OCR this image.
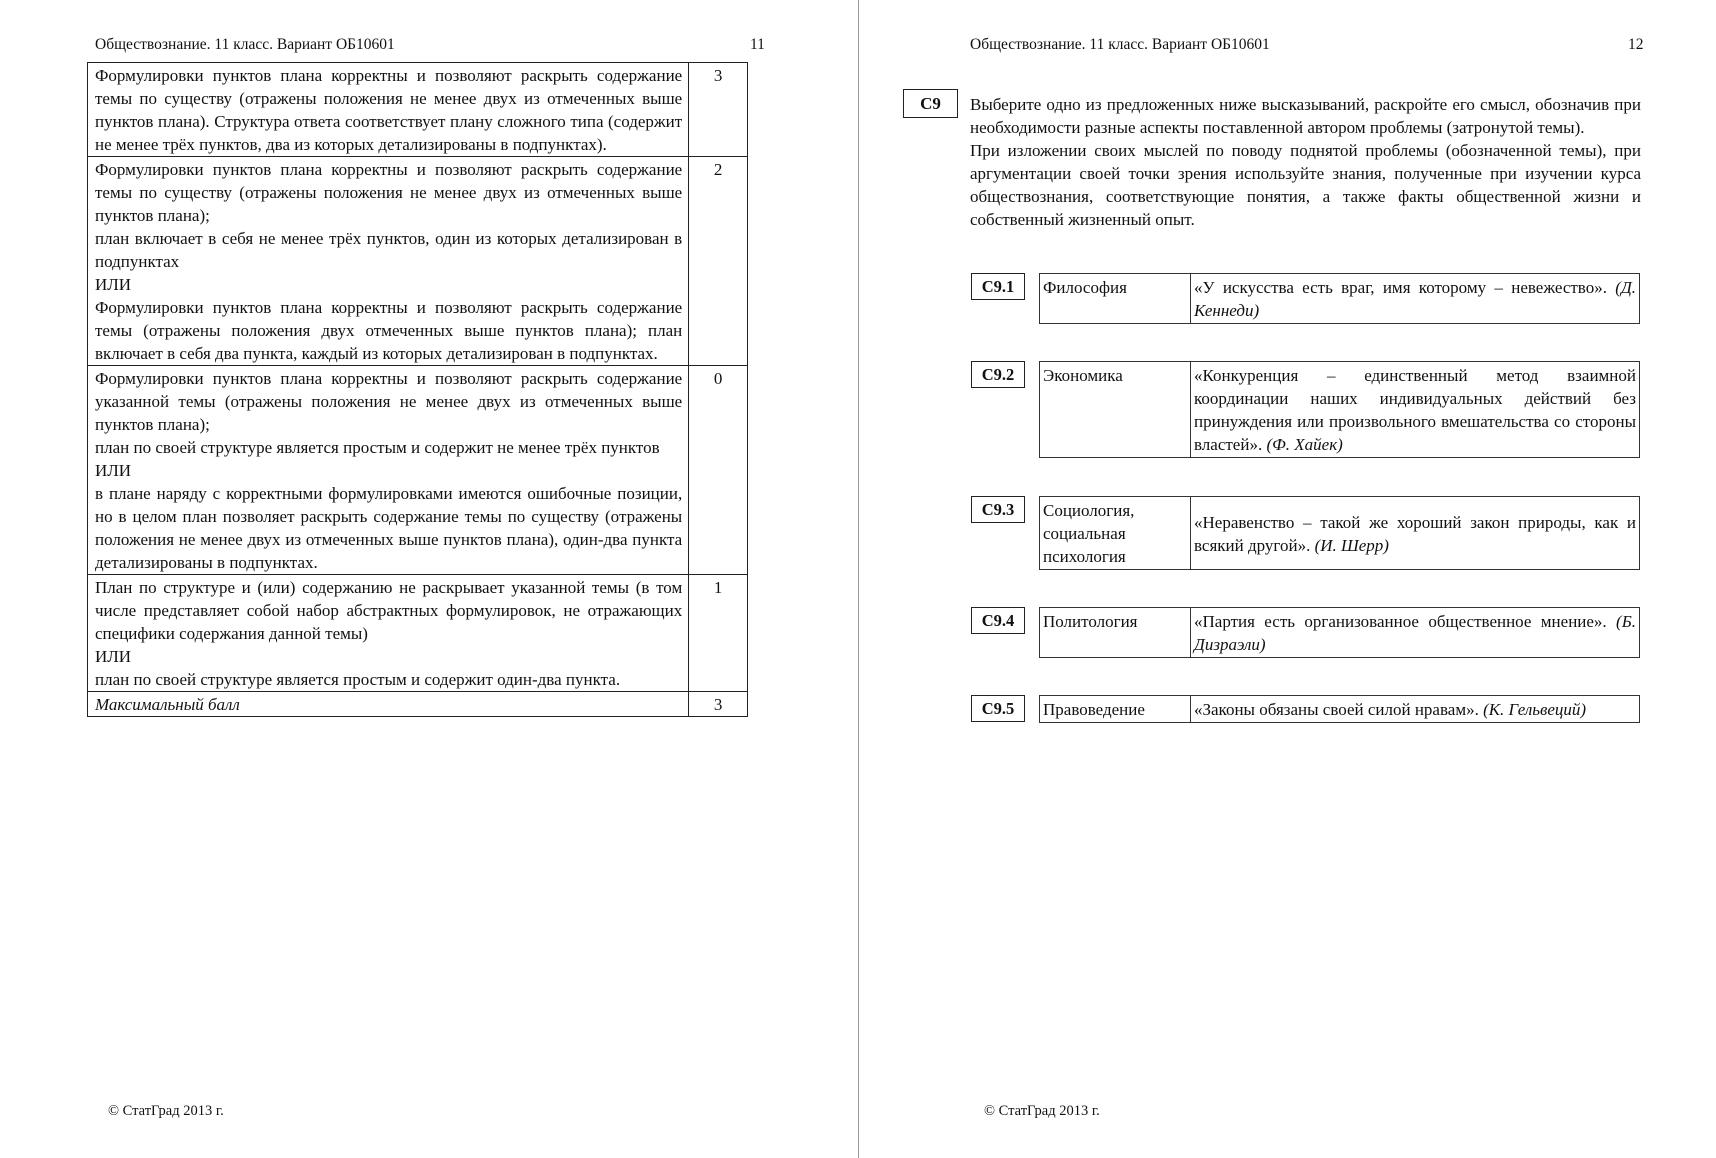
Обществознание. 11 класс. Вариант ОБ10601	11
Формулировки пунктов плана корректны и позволяют раскрыть содержание темы по существу (отражены положения не менее двух из отмеченных выше пунктов плана). Структура ответа соответствует плану сложного типа (содержит не менее трёх пунктов, два из которых детализированы в подпунктах).	3

Формулировки пунктов плана корректны и позволяют раскрыть содержание темы по существу (отражены положения не менее двух из отмеченных выше пунктов плана);
план включает в себя не менее трёх пунктов, один из которых детализирован в подпунктах
ИЛИ
Формулировки пунктов плана корректны и позволяют раскрыть содержание темы (отражены положения двух отмеченных выше пунктов плана); план включает в себя два пункта, каждый из которых детализирован в подпунктах.	2

Формулировки пунктов плана корректны и позволяют раскрыть содержание указанной темы (отражены положения не менее двух из отмеченных выше пунктов плана);
план по своей структуре является простым и содержит не менее трёх пунктов
ИЛИ
в плане наряду с корректными формулировками имеются ошибочные позиции, но в целом план позволяет раскрыть содержание темы по существу (отражены положения не менее двух из отмеченных выше пунктов плана), один-два пункта детализированы в подпунктах.	0

План по структуре и (или) содержанию не раскрывает указанной темы (в том числе представляет собой набор абстрактных формулировок, не отражающих специфики содержания данной темы)
ИЛИ
план по своей структуре является простым и содержит один-два пункта.	1
Максимальный балл	3
© СтатГрад 2013 г.
Обществознание. 11 класс. Вариант ОБ10601	12
С9	Выберите одно из предложенных ниже высказываний, раскройте его смысл, обозначив при необходимости разные аспекты поставленной автором проблемы (затронутой темы).

При изложении своих мыслей по поводу поднятой проблемы (обозначенной темы), при аргументации своей точки зрения используйте знания, полученные при изучении курса обществознания, соответствующие понятия, а также факты общественной жизни и собственный жизненный опыт.

С9.1	Философия	«У искусства есть враг, имя которому – невежество». (Д. Кеннеди)
С9.2	Экономика	«Конкуренция – единственный метод взаимной координации наших индивидуальных действий без принуждения или произвольного вмешательства со стороны властей». (Ф. Хайек)
С9.3	Социология, социальная психология	«Неравенство – такой же хороший закон природы, как и всякий другой». (И. Шерр)
С9.4	Политология	«Партия есть организованное общественное мнение». (Б. Дизраэли)
С9.5	Правоведение	«Законы обязаны своей силой нравам». (К. Гельвеций)
© СтатГрад 2013 г.
